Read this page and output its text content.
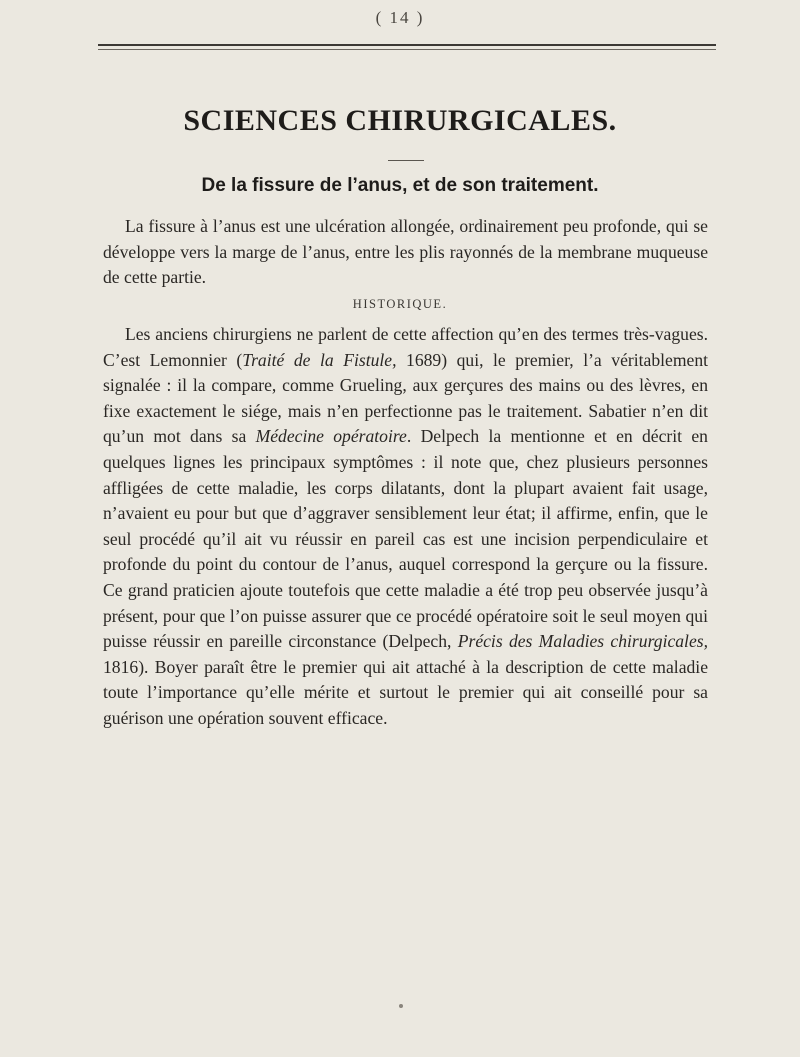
( 14 )
SCIENCES CHIRURGICALES.
De la fissure de l’anus, et de son traitement.

La fissure à l’anus est une ulcération allongée, ordinairement peu profonde, qui se développe vers la marge de l’anus, entre les plis rayonnés de la membrane muqueuse de cette partie.

HISTORIQUE.

Les anciens chirurgiens ne parlent de cette affection qu’en des termes très-vagues. C’est Lemonnier (Traité de la Fistule, 1689) qui, le premier, l’a véritablement signalée : il la compare, comme Grueling, aux gerçures des mains ou des lèvres, en fixe exactement le siége, mais n’en perfectionne pas le traitement. Sabatier n’en dit qu’un mot dans sa Médecine opératoire. Delpech la mentionne et en décrit en quelques lignes les principaux symptômes : il note que, chez plusieurs personnes affligées de cette maladie, les corps dilatants, dont la plupart avaient fait usage, n’avaient eu pour but que d’aggraver sensiblement leur état; il affirme, enfin, que le seul procédé qu’il ait vu réussir en pareil cas est une incision perpendiculaire et profonde du point du contour de l’anus, auquel correspond la gerçure ou la fissure. Ce grand praticien ajoute toutefois que cette maladie a été trop peu observée jusqu’à présent, pour que l’on puisse assurer que ce procédé opératoire soit le seul moyen qui puisse réussir en pareille circonstance (Delpech, Précis des Maladies chirurgicales, 1816). Boyer paraît être le premier qui ait attaché à la description de cette maladie toute l’importance qu’elle mérite et surtout le premier qui ait conseillé pour sa guérison une opération souvent efficace.
